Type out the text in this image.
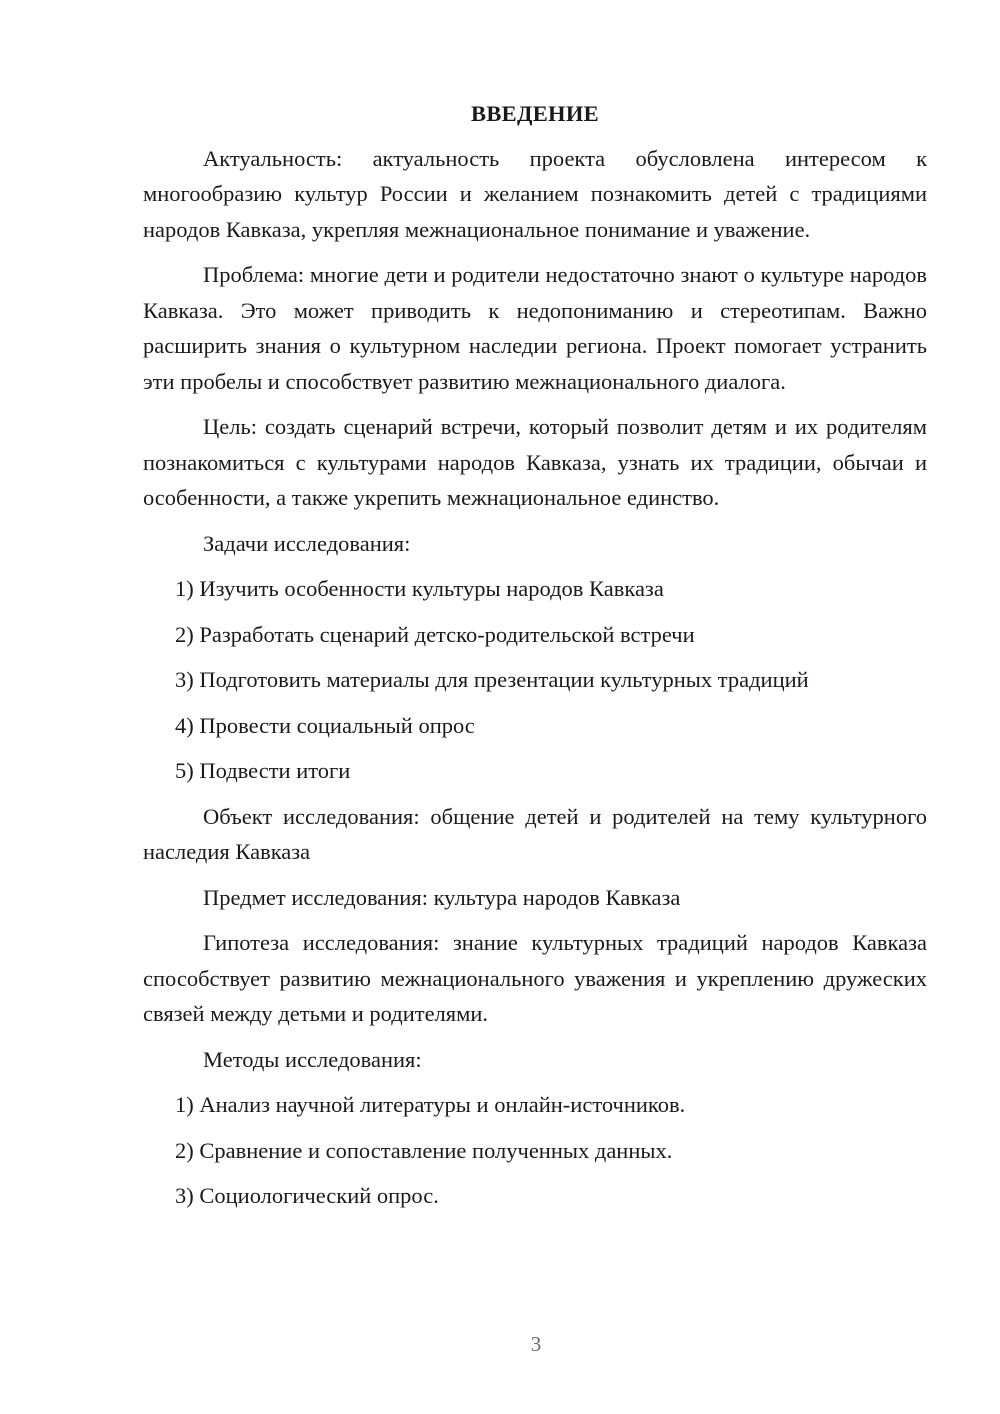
ВВЕДЕНИЕ

Актуальность: актуальность проекта обусловлена интересом к многообразию культур России и желанием познакомить детей с традициями народов Кавказа, укрепляя межнациональное понимание и уважение.

Проблема: многие дети и родители недостаточно знают о культуре народов Кавказа. Это может приводить к недопониманию и стереотипам. Важно расширить знания о культурном наследии региона. Проект помогает устранить эти пробелы и способствует развитию межнационального диалога.

Цель: создать сценарий встречи, который позволит детям и их родителям познакомиться с культурами народов Кавказа, узнать их традиции, обычаи и особенности, а также укрепить межнациональное единство.

Задачи исследования:

1) Изучить особенности культуры народов Кавказа
2) Разработать сценарий детско-родительской встречи
3) Подготовить материалы для презентации культурных традиций
4) Провести социальный опрос
5) Подвести итоги

Объект исследования: общение детей и родителей на тему культурного наследия Кавказа

Предмет исследования: культура народов Кавказа

Гипотеза исследования: знание культурных традиций народов Кавказа способствует развитию межнационального уважения и укреплению дружеских связей между детьми и родителями.

Методы исследования:

1) Анализ научной литературы и онлайн-источников.
2) Сравнение и сопоставление полученных данных.
3) Социологический опрос.
3
